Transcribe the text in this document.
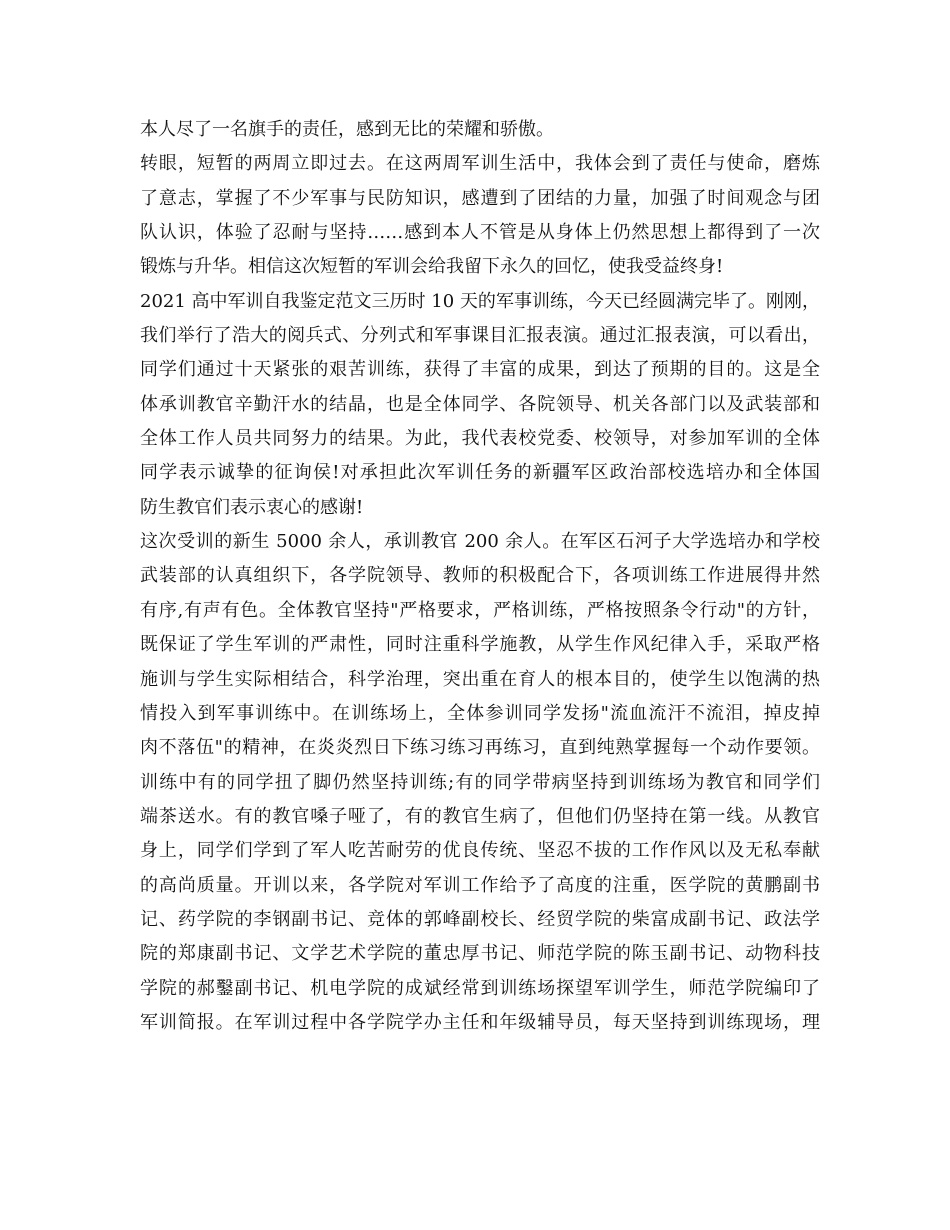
本人尽了一名旗手的责任，感到无比的荣耀和骄傲。
转眼，短暂的两周立即过去。在这两周军训生活中，我体会到了责任与使命，磨炼
了意志，掌握了不少军事与民防知识，感遭到了团结的力量，加强了时间观念与团
队认识，体验了忍耐与坚持……感到本人不管是从身体上仍然思想上都得到了一次
锻炼与升华。相信这次短暂的军训会给我留下永久的回忆，使我受益终身!
2021 高中军训自我鉴定范文三历时 10 天的军事训练，今天已经圆满完毕了。刚刚，
我们举行了浩大的阅兵式、分列式和军事课目汇报表演。通过汇报表演，可以看出，
同学们通过十天紧张的艰苦训练，获得了丰富的成果，到达了预期的目的。这是全
体承训教官辛勤汗水的结晶，也是全体同学、各院领导、机关各部门以及武装部和
全体工作人员共同努力的结果。为此，我代表校党委、校领导，对参加军训的全体
同学表示诚挚的征询侯!对承担此次军训任务的新疆军区政治部校选培办和全体国
防生教官们表示衷心的感谢!
这次受训的新生 5000 余人，承训教官 200 余人。在军区石河子大学选培办和学校
武装部的认真组织下，各学院领导、教师的积极配合下，各项训练工作进展得井然
有序,有声有色。全体教官坚持"严格要求，严格训练，严格按照条令行动"的方针，
既保证了学生军训的严肃性，同时注重科学施教，从学生作风纪律入手，采取严格
施训与学生实际相结合，科学治理，突出重在育人的根本目的，使学生以饱满的热
情投入到军事训练中。在训练场上，全体参训同学发扬"流血流汗不流泪，掉皮掉
肉不落伍"的精神，在炎炎烈日下练习练习再练习，直到纯熟掌握每一个动作要领。
训练中有的同学扭了脚仍然坚持训练;有的同学带病坚持到训练场为教官和同学们
端茶送水。有的教官嗓子哑了，有的教官生病了，但他们仍坚持在第一线。从教官
身上，同学们学到了军人吃苦耐劳的优良传统、坚忍不拔的工作作风以及无私奉献
的高尚质量。开训以来，各学院对军训工作给予了高度的注重，医学院的黄鹏副书
记、药学院的李钢副书记、竞体的郭峰副校长、经贸学院的柴富成副书记、政法学
院的郑康副书记、文学艺术学院的董忠厚书记、师范学院的陈玉副书记、动物科技
学院的郝鑿副书记、机电学院的成斌经常到训练场探望军训学生，师范学院编印了
军训简报。在军训过程中各学院学办主任和年级辅导员，每天坚持到训练现场，理
